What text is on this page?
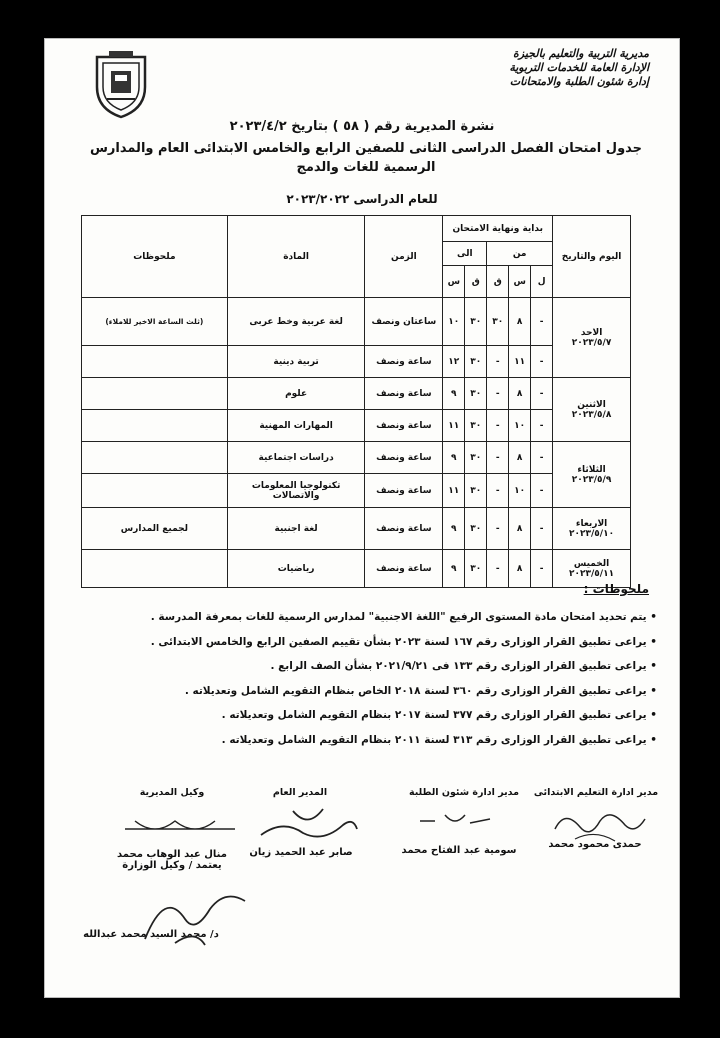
مديرية التربية والتعليم بالجيزة
الإدارة العامة للخدمات التربوية
إدارة شئون الطلبة والامتحانات
نشرة المديرية رقم ( ٥٨ ) بتاريخ ٢٠٢٣/٤/٢
جدول امتحان الفصل الدراسى الثانى للصفين الرابع والخامس الابتدائى العام والمدارس الرسمية للغات والدمج
للعام الدراسى ٢٠٢٣/٢٠٢٢
اليوم والتاريخ	بداية ونهاية الامتحان					الزمن	المادة	ملحوظات
	من			الى				
	ل	س	ق	ق	س			

الاحد
٢٠٢٣/٥/٧	-	٨	٣٠	٣٠	١٠	ساعتان ونصف	لغة عربية وخط عربى	(ثلث الساعة الاخير للاملاء)
	-	١١	-	٣٠	١٢	ساعة ونصف	تربية دينية	

الاثنين
٢٠٢٣/٥/٨	-	٨	-	٣٠	٩	ساعة ونصف	علوم	
	-	١٠	-	٣٠	١١	ساعة ونصف	المهارات المهنية	

الثلاثاء
٢٠٢٣/٥/٩	-	٨	-	٣٠	٩	ساعة ونصف	دراسات اجتماعية	
	-	١٠	-	٣٠	١١	ساعة ونصف	تكنولوجيا المعلومات والاتصالات	

الاربعاء
٢٠٢٣/٥/١٠	-	٨	-	٣٠	٩	ساعة ونصف	لغة اجنبية	لجميع المدارس

الخميس
٢٠٢٣/٥/١١	-	٨	-	٣٠	٩	ساعة ونصف	رياضيات	
ملحوظات :
• يتم تحديد امتحان مادة المستوى الرفيع "اللغة الاجنبية" لمدارس الرسمية للغات بمعرفة المدرسة .
• يراعى تطبيق القرار الوزارى رقم ١٦٧ لسنة ٢٠٢٣ بشأن تقييم الصفين الرابع والخامس الابتدائى .
• يراعى تطبيق القرار الوزارى رقم ١٣٣ فى ٢٠٢١/٩/٢١ بشأن الصف الرابع .
• يراعى تطبيق القرار الوزارى رقم ٣٦٠ لسنة ٢٠١٨ الخاص بنظام التقويم الشامل وتعديلاته .
• يراعى تطبيق القرار الوزارى رقم ٣٧٧ لسنة ٢٠١٧ بنظام التقويم الشامل وتعديلاته .
• يراعى تطبيق القرار الوزارى رقم ٣١٣ لسنة ٢٠١١ بنظام التقويم الشامل وتعديلاته .
مدير ادارة التعليم الابتدائى
حمدى محمود محمد
مدير ادارة شئون الطلبة
سومية عبد الفتاح محمد
المدير العام
صابر عبد الحميد زيان
وكيل المديرية
منال عبد الوهاب محمد
يعتمد / وكيل الوزارة
د/ محمد السيد محمد عبدالله
